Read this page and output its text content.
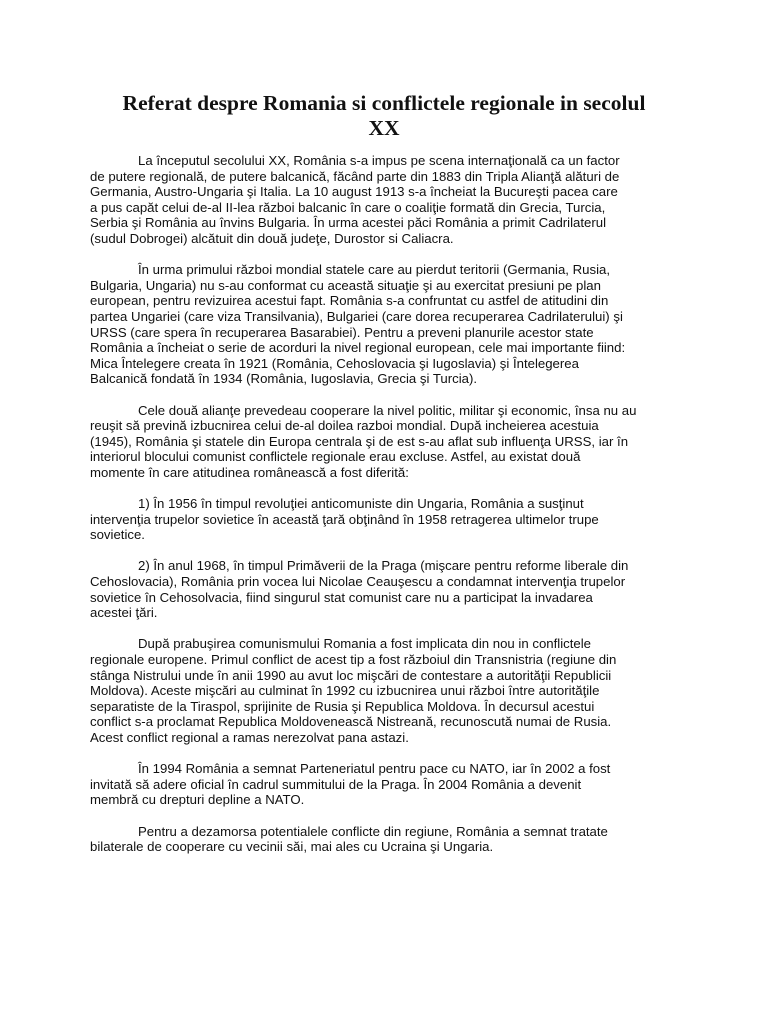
Referat despre Romania si conflictele regionale in secolul
XX

La începutul secolului XX, România s-a impus pe scena internaţională ca un factor
de putere regională, de putere balcanică, făcând parte din 1883 din Tripla Alianţă alături de
Germania, Austro-Ungaria şi Italia. La 10 august 1913 s-a încheiat la Bucureşti pacea care
a pus capăt celui de-al II-lea război balcanic în care o coaliţie formată din Grecia, Turcia,
Serbia şi România au învins Bulgaria. În urma acestei păci România a primit Cadrilaterul
(sudul Dobrogei) alcătuit din două judeţe, Durostor si Caliacra.

În urma primului război mondial statele care au pierdut teritorii (Germania, Rusia,
Bulgaria, Ungaria) nu s-au conformat cu această situaţie şi au exercitat presiuni pe plan
european, pentru revizuirea acestui fapt. România s-a confruntat cu astfel de atitudini din
partea Ungariei (care viza Transilvania), Bulgariei (care dorea recuperarea Cadrilaterului) şi
URSS (care spera în recuperarea Basarabiei). Pentru a preveni planurile acestor state
România a încheiat o serie de acorduri la nivel regional european, cele mai importante fiind:
Mica Întelegere creata în 1921 (România, Cehoslovacia şi Iugoslavia) şi Întelegerea
Balcanică fondată în 1934 (România, Iugoslavia, Grecia şi Turcia).

Cele două alianţe prevedeau cooperare la nivel politic, militar şi economic, însa nu au
reuşit să prevină izbucnirea celui de-al doilea razboi mondial. După incheierea acestuia
(1945), România şi statele din Europa centrala şi de est s-au aflat sub influenţa URSS, iar în
interiorul blocului comunist conflictele regionale erau excluse. Astfel, au existat două
momente în care atitudinea românească a fost diferită:

1) În 1956 în timpul revoluţiei anticomuniste din Ungaria, România a susţinut
intervenţia trupelor sovietice în această ţară obţinând în 1958 retragerea ultimelor trupe
sovietice.

2) În anul 1968, în timpul Primăverii de la Praga (mişcare pentru reforme liberale din
Cehoslovacia), România prin vocea lui Nicolae Ceauşescu a condamnat intervenţia trupelor
sovietice în Cehosolvacia, fiind singurul stat comunist care nu a participat la invadarea
acestei ţări.

După prabuşirea comunismului Romania a fost implicata din nou in conflictele
regionale europene. Primul conflict de acest tip a fost războiul din Transnistria (regiune din
stânga Nistrului unde în anii 1990 au avut loc mişcări de contestare a autorităţii Republicii
Moldova). Aceste mişcări au culminat în 1992 cu izbucnirea unui război între autorităţile
separatiste de la Tiraspol, sprijinite de Rusia şi Republica Moldova. În decursul acestui
conflict s-a proclamat Republica Moldovenească Nistreană, recunoscută numai de Rusia.
Acest conflict regional a ramas nerezolvat pana astazi.

În 1994 România a semnat Parteneriatul pentru pace cu NATO, iar în 2002 a fost
invitată să adere oficial în cadrul summitului de la Praga. În 2004 România a devenit
membră cu drepturi depline a NATO.

Pentru a dezamorsa potentialele conflicte din regiune, România a semnat tratate
bilaterale de cooperare cu vecinii săi, mai ales cu Ucraina şi Ungaria.
